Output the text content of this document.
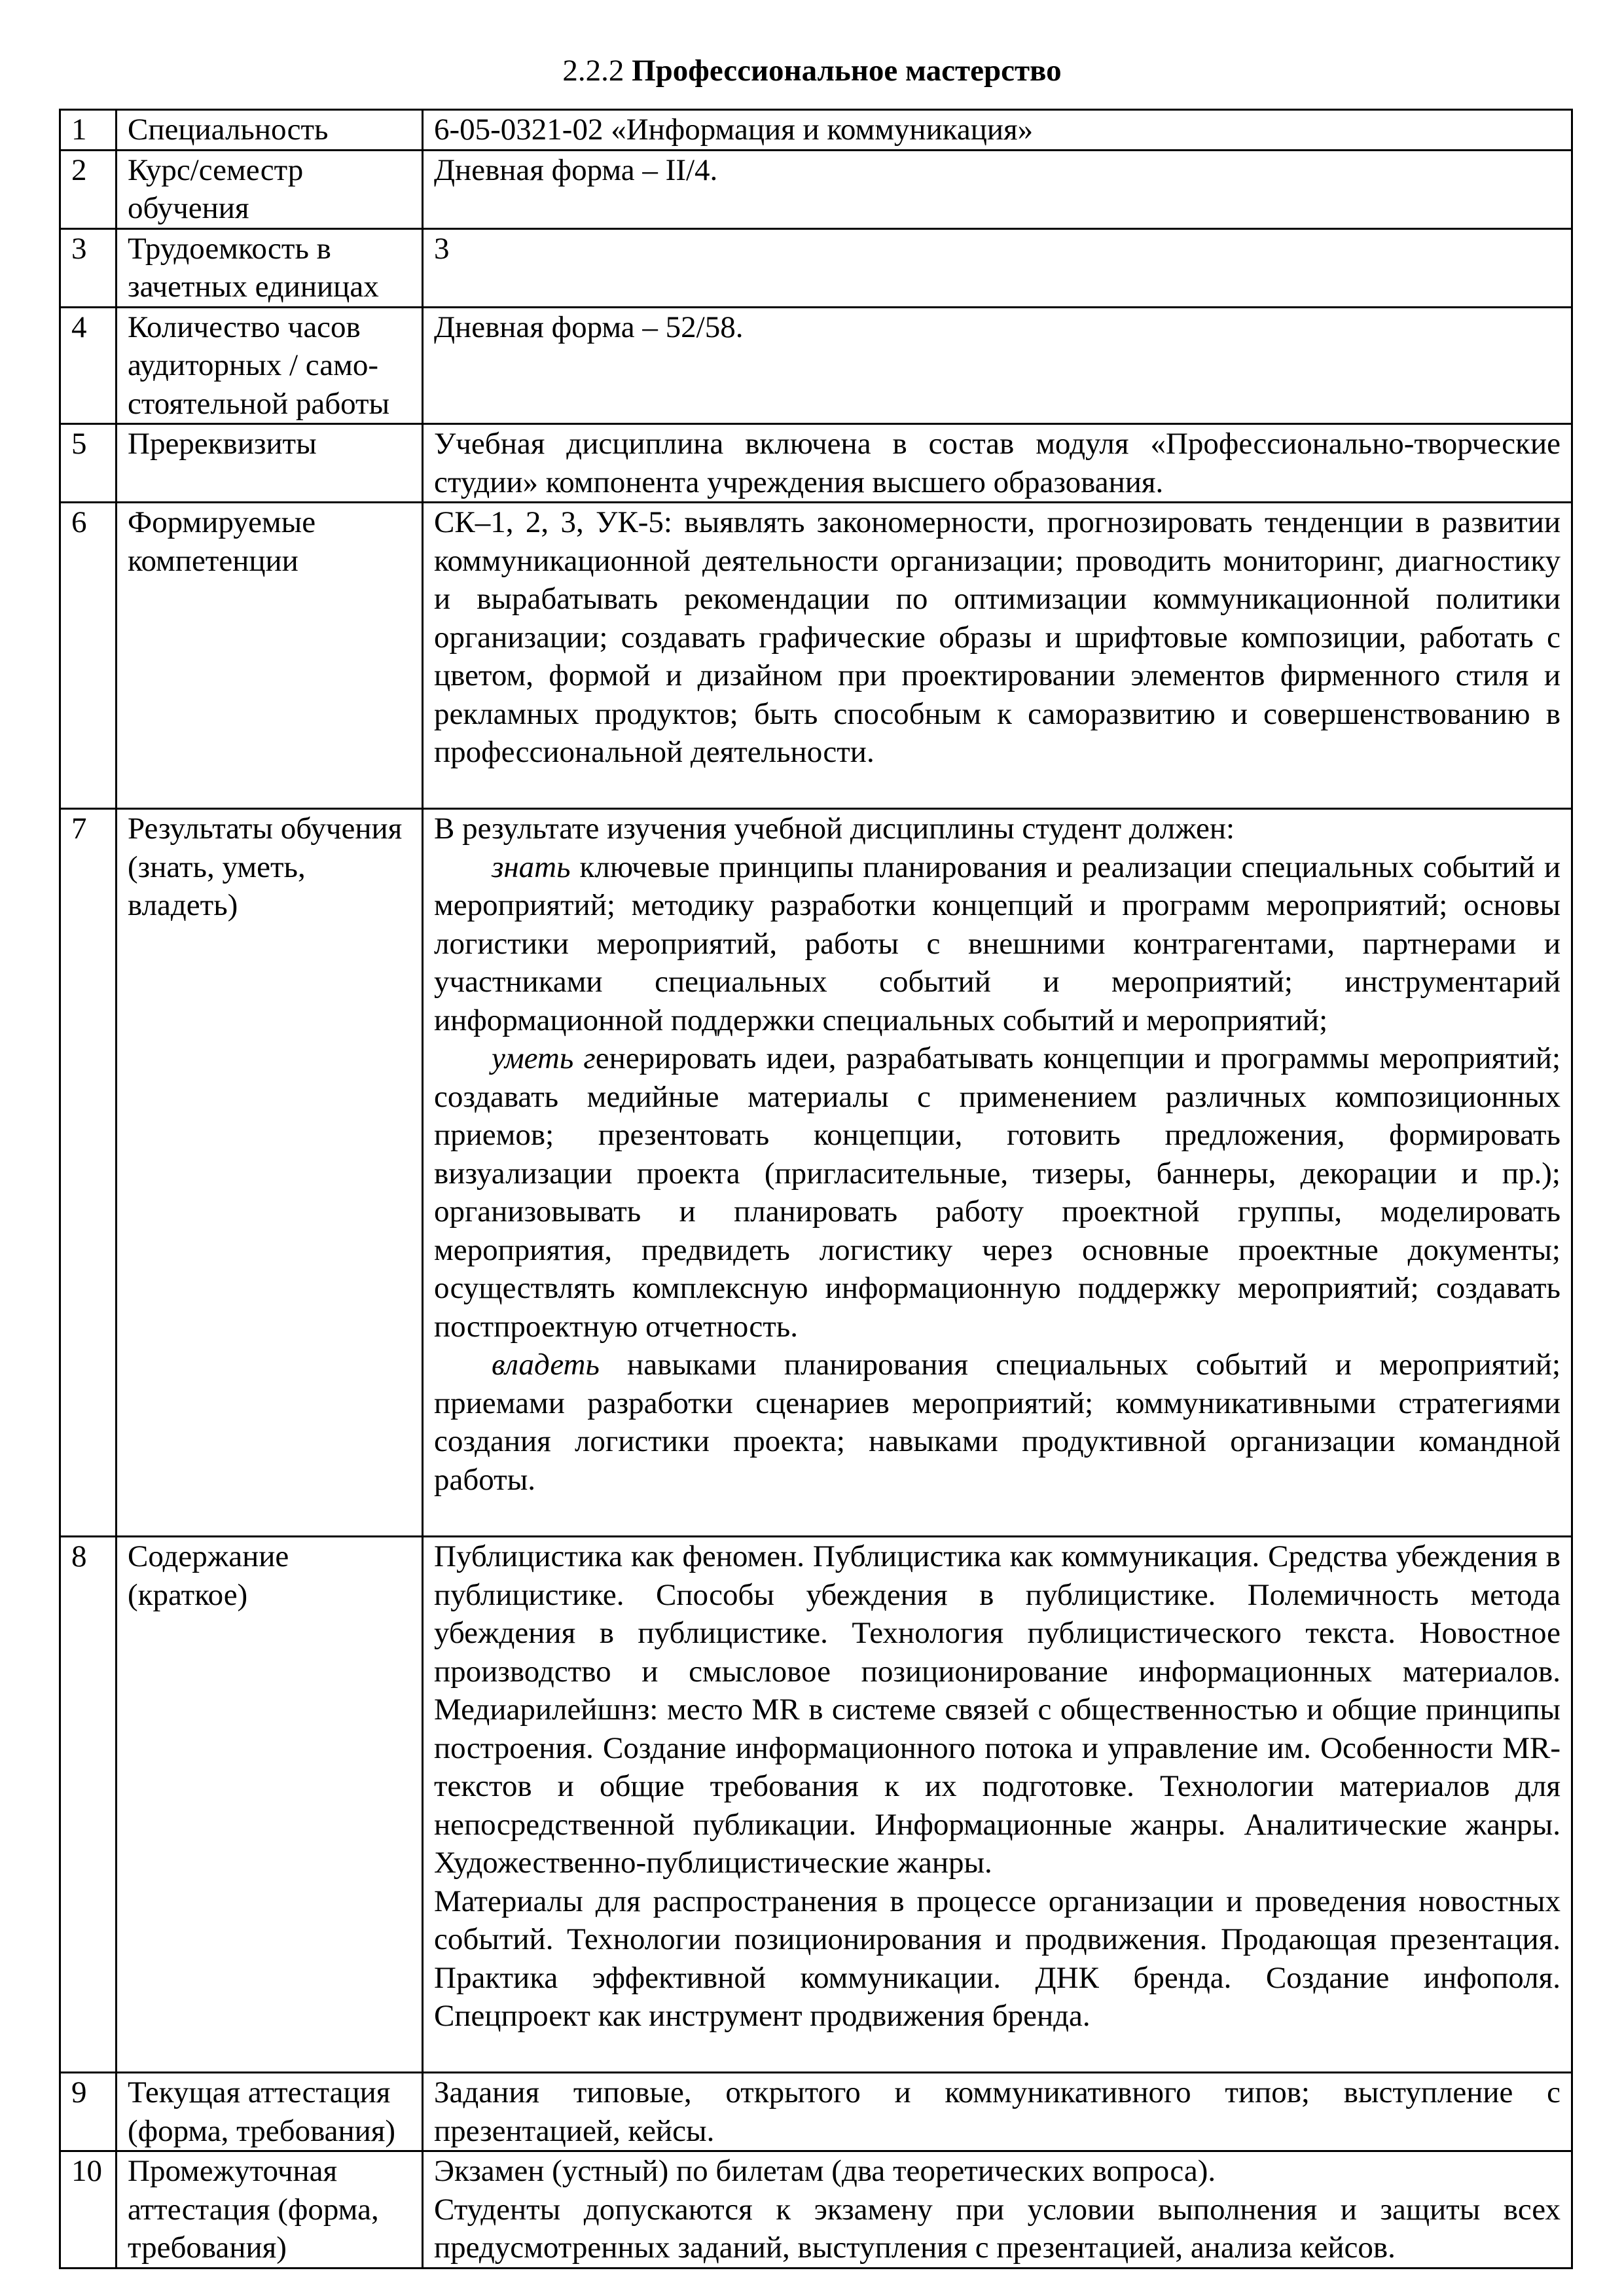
2.2.2 Профессиональное мастерство
1	Специальность	6-05-0321-02 «Информация и коммуникация»
2	Курс/семестр обучения	Дневная форма – II/4.
3	Трудоемкость в зачетных единицах	3
4	Количество часов аудиторных / само-стоятельной работы	Дневная форма – 52/58.
5	Пререквизиты	Учебная дисциплина включена в состав модуля «Профессионально-творческие студии» компонента учреждения высшего образования.
6	Формируемые компетенции	СК–1, 2, 3, УК-5: выявлять закономерности, прогнозировать тенденции в развитии коммуникационной деятельности организации; проводить мониторинг, диагностику и вырабатывать рекомендации по оптимизации коммуникационной политики организации; создавать графические образы и шрифтовые композиции, работать с цветом, формой и дизайном при проектировании элементов фирменного стиля и рекламных продуктов; быть способным к саморазвитию и совершенствованию в профессиональной деятельности.
7	Результаты обучения (знать, уметь, владеть)	В результате изучения учебной дисциплины студент должен:
знать ключевые принципы планирования и реализации специальных событий и мероприятий; методику разработки концепций и программ мероприятий; основы логистики мероприятий, работы с внешними контрагентами, партнерами и участниками специальных событий и мероприятий; инструментарий информационной поддержки специальных событий и мероприятий;
уметь генерировать идеи, разрабатывать концепции и программы мероприятий; создавать медийные материалы с применением различных композиционных приемов; презентовать концепции, готовить предложения, формировать визуализации проекта (пригласительные, тизеры, баннеры, декорации и пр.); организовывать и планировать работу проектной группы, моделировать мероприятия, предвидеть логистику через основные проектные документы; осуществлять комплексную информационную поддержку мероприятий; создавать постпроектную отчетность.
владеть навыками планирования специальных событий и мероприятий; приемами разработки сценариев мероприятий; коммуникативными стратегиями создания логистики проекта; навыками продуктивной организации командной работы.

8	Содержание (краткое)	Публицистика как феномен. Публицистика как коммуникация. Средства убеждения в публицистике. Способы убеждения в публицистике. Полемичность метода убеждения в публицистике. Технология публицистического текста. Новостное производство и смысловое позиционирование информационных материалов. Медиарилейшнз: место MR в системе связей с общественностью и общие принципы построения. Создание информационного потока и управление им. Особенности MR-текстов и общие требования к их подготовке. Технологии материалов для непосредственной публикации. Информационные жанры. Аналитические жанры. Художественно-публицистические жанры.
Материалы для распространения в процессе организации и проведения новостных событий. Технологии позиционирования и продвижения. Продающая презентация. Практика эффективной коммуникации. ДНК бренда. Создание инфополя. Спецпроект как инструмент продвижения бренда.

9	Текущая аттестация (форма, требования)	Задания типовые, открытого и коммуникативного типов; выступление с презентацией, кейсы.
10	Промежуточная аттестация (форма, требования)	Экзамен (устный) по билетам (два теоретических вопроса).
Студенты допускаются к экзамену при условии выполнения и защиты всех предусмотренных заданий, выступления с презентацией, анализа кейсов.
